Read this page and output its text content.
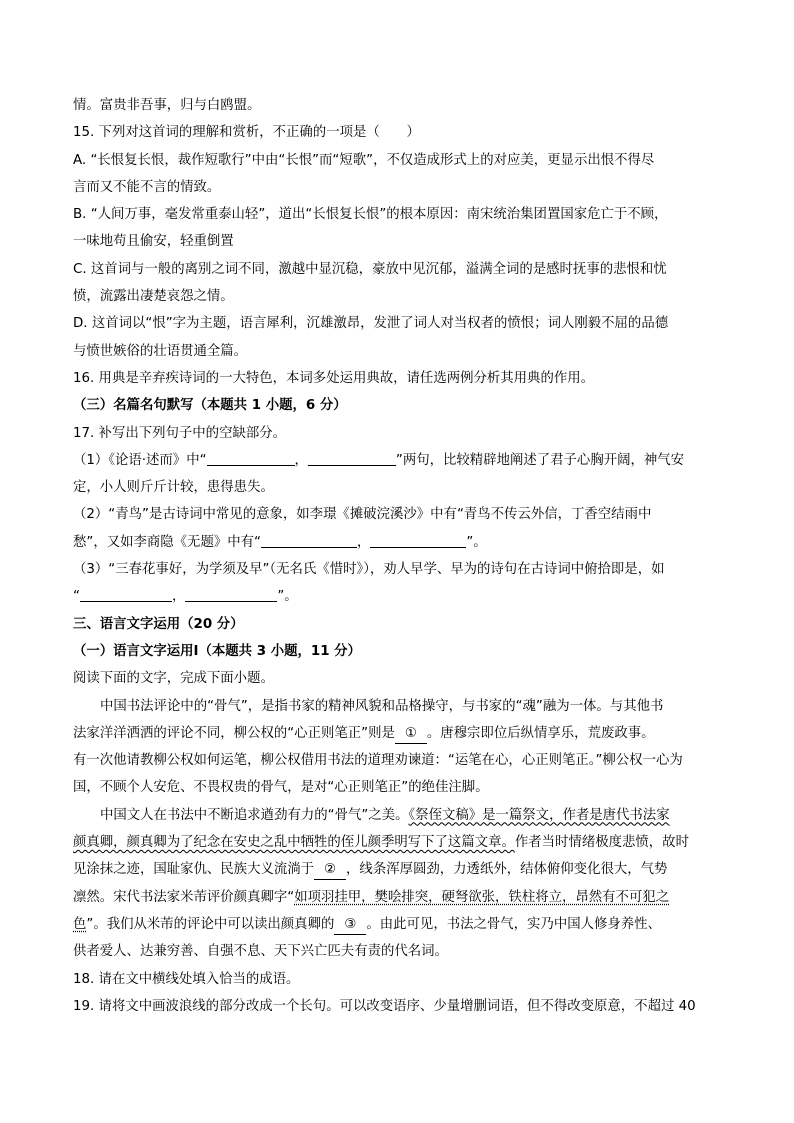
情。富贵非吾事，归与白鸥盟。
15. 下列对这首词的理解和赏析，不正确的一项是（　　）
A. “长恨复长恨，裁作短歌行”中由“长恨”而“短歌”，不仅造成形式上的对应美，更显示出恨不得尽
言而又不能不言的情致。
B. “人间万事，毫发常重泰山轻”，道出“长恨复长恨”的根本原因：南宋统治集团置国家危亡于不顾，
一味地苟且偷安，轻重倒置
C. 这首词与一般的离别之词不同，激越中显沉稳，豪放中见沉郁，溢满全词的是感时抚事的悲恨和忧
愤，流露出凄楚哀怨之情。
D. 这首词以“恨”字为主题，语言犀利，沉雄激昂，发泄了词人对当权者的愤恨；词人刚毅不屈的品德
与愤世嫉俗的壮语贯通全篇。
16. 用典是辛弃疾诗词的一大特色，本词多处运用典故，请任选两例分析其用典的作用。
（三）名篇名句默写（本题共 1 小题，6 分）
17. 补写出下列句子中的空缺部分。
（1）《论语·述而》中“	，	”两句，比较精辟地阐述了君子心胸开阔，神气安
定，小人则斤斤计较，患得患失。
（2）“青鸟”是古诗词中常见的意象，如李璟《摊破浣溪沙》中有“青鸟不传云外信，丁香空结雨中
愁”，又如李商隐《无题》中有“	，	”。
（3）“三春花事好，为学须及早”（无名氏《惜时》），劝人早学、早为的诗句在古诗词中俯拾即是，如
“	，	”。
三、语言文字运用（20 分）
（一）语言文字运用Ⅰ（本题共 3 小题，11 分）
阅读下面的文字，完成下面小题。
中国书法评论中的“骨气”，是指书家的精神风貌和品格操守，与书家的“魂”融为一体。与其他书
法家洋洋洒洒的评论不同，柳公权的“心正则笔正”则是 ① 。唐穆宗即位后纵情享乐，荒废政事。
有一次他请教柳公权如何运笔，柳公权借用书法的道理劝谏道：“运笔在心，心正则笔正。”柳公权一心为
国，不顾个人安危、不畏权贵的骨气，是对“心正则笔正”的绝佳注脚。
中国文人在书法中不断追求遒劲有力的“骨气”之美。《祭侄文稿》是一篇祭文，作者是唐代书法家
颜真卿，颜真卿为了纪念在安史之乱中牺牲的侄儿颜季明写下了这篇文章。作者当时情绪极度悲愤，故时
见涂抹之迹，国耻家仇、民族大义流淌于 ② ，线条浑厚圆劲，力透纸外，结体俯仰变化很大，气势
凛然。宋代书法家米芾评价颜真卿字“如项羽挂甲，樊哙排突，硬弩欲张，铁柱将立，昂然有不可犯之
色”。我们从米芾的评论中可以读出颜真卿的 ③ 。由此可见，书法之骨气，实乃中国人修身养性、
供者爱人、达兼穷善、自强不息、天下兴亡匹夫有责的代名词。
18. 请在文中横线处填入恰当的成语。
19. 请将文中画波浪线的部分改成一个长句。可以改变语序、少量增删词语，但不得改变原意，不超过 40
